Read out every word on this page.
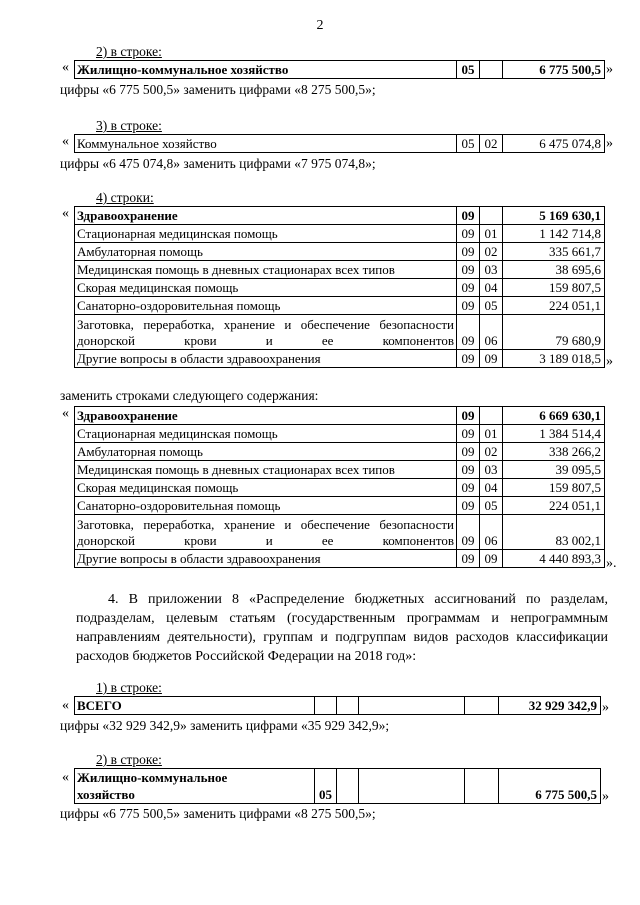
2
2) в строке:
« Жилищно-коммунальное хозяйство	05		6 775 500,5 »
цифры «6 775 500,5» заменить цифрами «8 275 500,5»;
3) в строке:
« Коммунальное хозяйство	05	02	6 475 074,8 »
цифры «6 475 074,8» заменить цифрами «7 975 074,8»;
4) строки:
« Здравоохранение	09		5 169 630,1
Стационарная медицинская помощь	09	01	1 142 714,8
Амбулаторная помощь	09	02	335 661,7
Медицинская помощь в дневных стационарах всех типов	09	03	38 695,6
Скорая медицинская помощь	09	04	159 807,5
Санаторно-оздоровительная помощь	09	05	224 051,1
Заготовка, переработка, хранение и обеспечение безопасности донорской крови и ее компонентов	09	06	79 680,9
Другие вопросы в области здравоохранения	09	09	3 189 018,5 »
заменить строками следующего содержания:
« Здравоохранение	09		6 669 630,1
Стационарная медицинская помощь	09	01	1 384 514,4
Амбулаторная помощь	09	02	338 266,2
Медицинская помощь в дневных стационарах всех типов	09	03	39 095,5
Скорая медицинская помощь	09	04	159 807,5
Санаторно-оздоровительная помощь	09	05	224 051,1
Заготовка, переработка, хранение и обеспечение безопасности донорской крови и ее компонентов	09	06	83 002,1
Другие вопросы в области здравоохранения	09	09	4 440 893,3 ».
4. В приложении 8 «Распределение бюджетных ассигнований по разделам, подразделам, целевым статьям (государственным программам и непрограммным направлениям деятельности), группам и подгруппам видов расходов классификации расходов бюджетов Российской Федерации на 2018 год»:
1) в строке:
« ВСЕГО					32 929 342,9 »
цифры «32 929 342,9» заменить цифрами «35 929 342,9»;
2) в строке:
« Жилищно-коммунальное
хозяйство	05				6 775 500,5 »
цифры «6 775 500,5» заменить цифрами «8 275 500,5»;
